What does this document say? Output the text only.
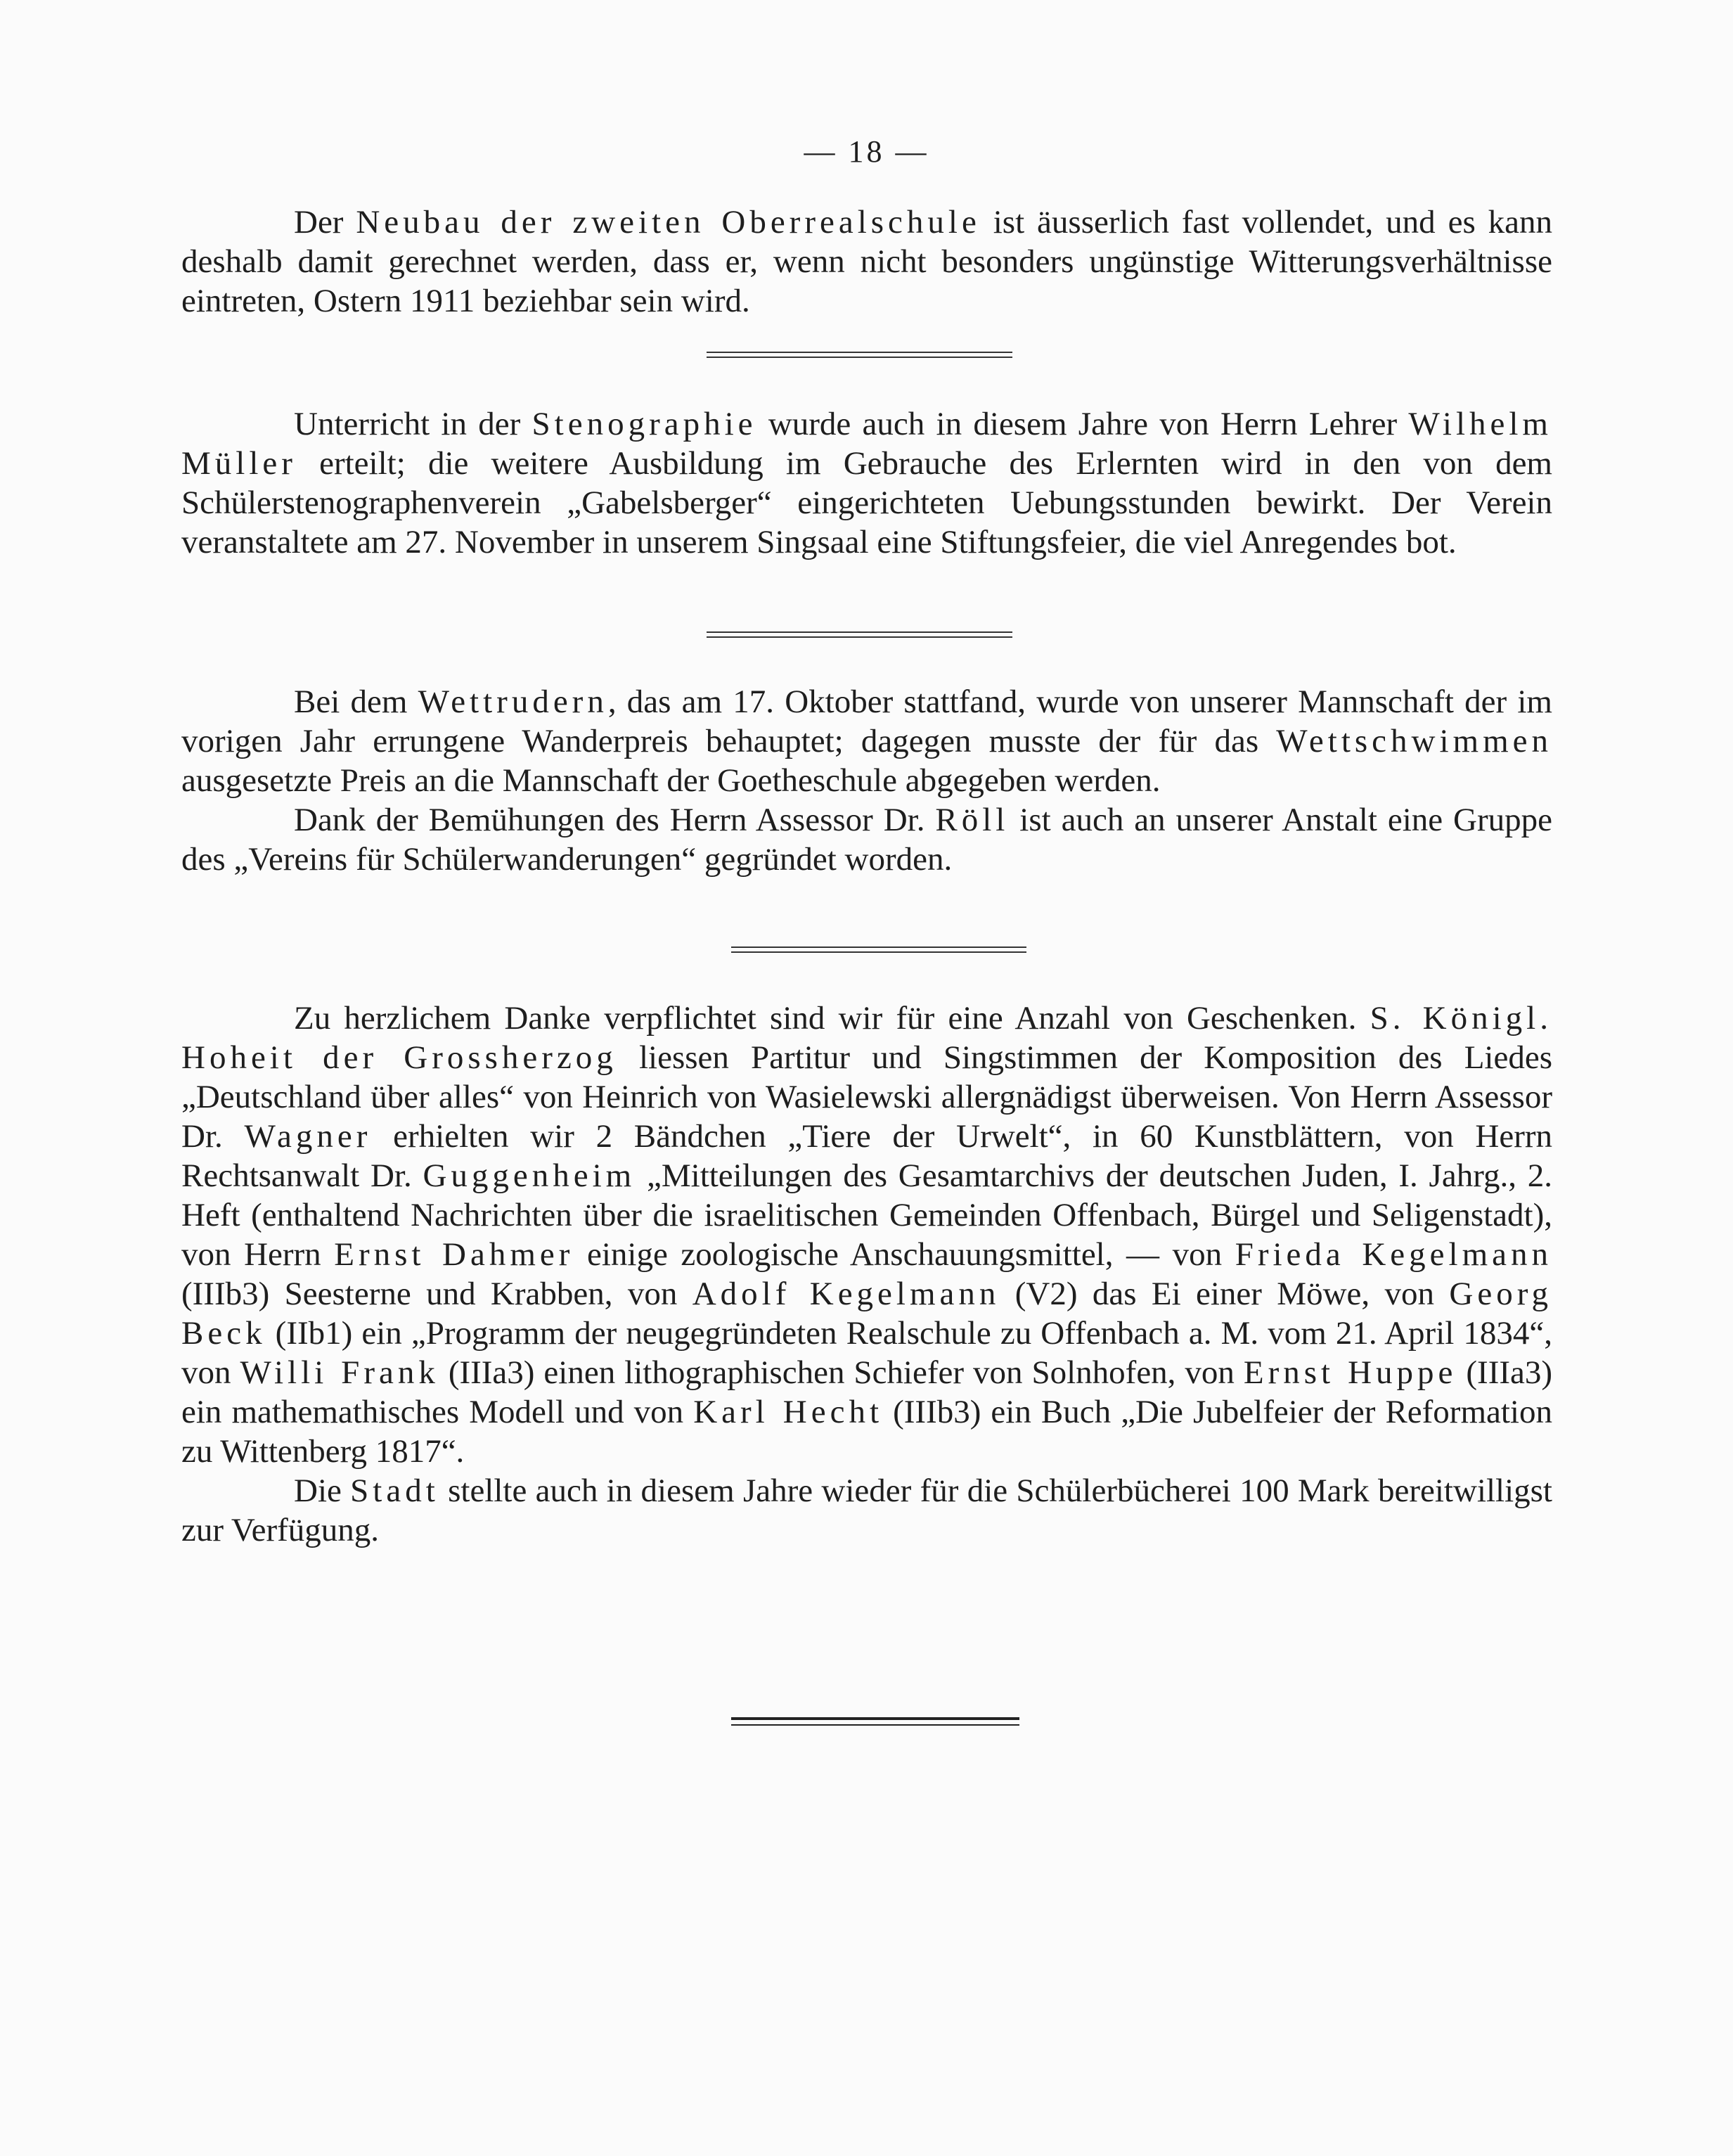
— 18 —

Der Neubau der zweiten Oberrealschule ist äusserlich fast vollendet, und es kann deshalb damit gerechnet werden, dass er, wenn nicht besonders ungünstige Witterungsverhältnisse eintreten, Ostern 1911 beziehbar sein wird.

Unterricht in der Stenographie wurde auch in diesem Jahre von Herrn Lehrer Wilhelm Müller erteilt; die weitere Ausbildung im Gebrauche des Erlernten wird in den von dem Schülerstenographenverein „Gabelsberger“ eingerichteten Uebungsstunden bewirkt. Der Verein veranstaltete am 27. November in unserem Singsaal eine Stiftungsfeier, die viel Anregendes bot.

Bei dem Wettrudern, das am 17. Oktober stattfand, wurde von unserer Mannschaft der im vorigen Jahr errungene Wanderpreis behauptet; dagegen musste der für das Wettschwimmen ausgesetzte Preis an die Mannschaft der Goetheschule abgegeben werden.

Dank der Bemühungen des Herrn Assessor Dr. Röll ist auch an unserer Anstalt eine Gruppe des „Vereins für Schülerwanderungen“ gegründet worden.

Zu herzlichem Danke verpflichtet sind wir für eine Anzahl von Geschenken. S. Königl. Hoheit der Grossherzog liessen Partitur und Singstimmen der Komposition des Liedes „Deutschland über alles“ von Heinrich von Wasielewski allergnädigst überweisen. Von Herrn Assessor Dr. Wagner erhielten wir 2 Bändchen „Tiere der Urwelt“, in 60 Kunstblättern, von Herrn Rechtsanwalt Dr. Guggenheim „Mitteilungen des Gesamtarchivs der deutschen Juden, I. Jahrg., 2. Heft (enthaltend Nachrichten über die israelitischen Gemeinden Offenbach, Bürgel und Seligenstadt), von Herrn Ernst Dahmer einige zoologische Anschauungsmittel, — von Frieda Kegelmann (IIIb3) Seesterne und Krabben, von Adolf Kegelmann (V2) das Ei einer Möwe, von Georg Beck (IIb1) ein „Programm der neugegründeten Realschule zu Offenbach a. M. vom 21. April 1834“, von Willi Frank (IIIa3) einen lithographischen Schiefer von Solnhofen, von Ernst Huppe (IIIa3) ein mathemathisches Modell und von Karl Hecht (IIIb3) ein Buch „Die Jubelfeier der Reformation zu Wittenberg 1817“.

Die Stadt stellte auch in diesem Jahre wieder für die Schülerbücherei 100 Mark bereitwilligst zur Verfügung.
